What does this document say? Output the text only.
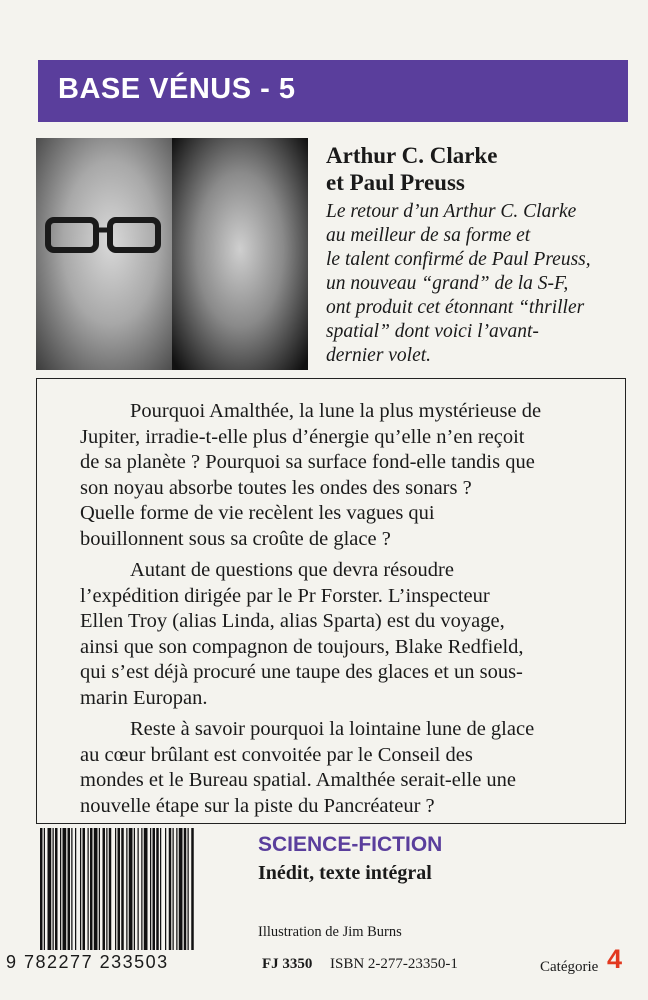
BASE VÉNUS - 5
Arthur C. Clarke
et Paul Preuss
Le retour d’un Arthur C. Clarke
au meilleur de sa forme et
le talent confirmé de Paul Preuss,
un nouveau “grand” de la S-F,
ont produit cet étonnant “thriller
spatial” dont voici l’avant-
dernier volet.

Pourquoi Amalthée, la lune la plus mystérieuse de
Jupiter, irradie-t-elle plus d’énergie qu’elle n’en reçoit
de sa planète ? Pourquoi sa surface fond-elle tandis que
son noyau absorbe toutes les ondes des sonars ?
Quelle forme de vie recèlent les vagues qui
bouillonnent sous sa croûte de glace ?

Autant de questions que devra résoudre
l’expédition dirigée par le Pr Forster. L’inspecteur
Ellen Troy (alias Linda, alias Sparta) est du voyage,
ainsi que son compagnon de toujours, Blake Redfield,
qui s’est déjà procuré une taupe des glaces et un sous-
marin Europan.

Reste à savoir pourquoi la lointaine lune de glace
au cœur brûlant est convoitée par le Conseil des
mondes et le Bureau spatial. Amalthée serait-elle une
nouvelle étape sur la piste du Pancréateur ?

9 782277 233503
SCIENCE-FICTION
Inédit, texte intégral
Illustration de Jim Burns
FJ 3350 ISBN 2-277-23350-1	Catégorie 4
